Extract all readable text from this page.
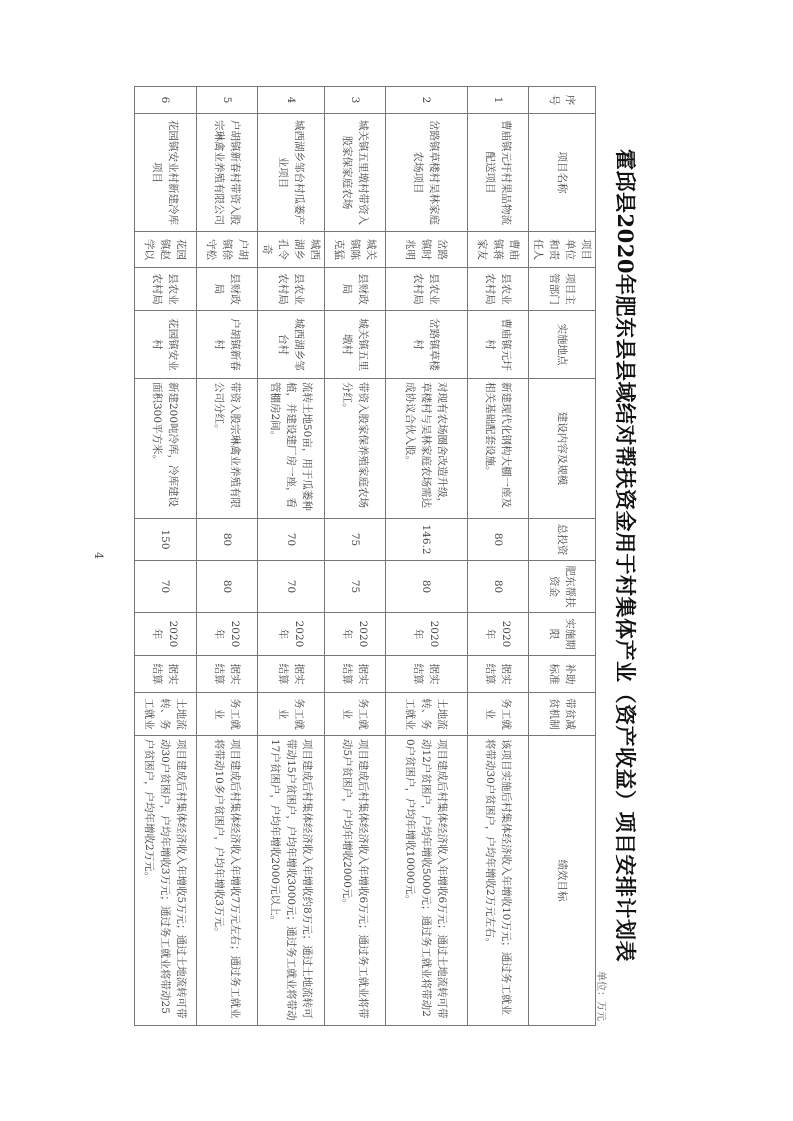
霍邱县2020年肥东县县域结对帮扶资金用于村集体产业（资产收益）项目安排计划表
单位：万元
序号	项目名称	项目单位和责任人	项目主管部门	实施地点	建设内容及规模	总投资	肥东帮扶资金	实施期限	补助标准	带贫减贫机制	绩效目标
1	曹庙镇元圩村果品物流配送项目	曹庙镇蒋家友	县农业农村局	曹庙镇元圩村	新建现代化钢构大棚一座及相关基础配套设施。	80	80	2020年	据实结算	务工就业	该项目实施后村集体经济收入年增收10万元；通过务工就业将带动30户贫困户，户均年增收2万元左右。
2	岔路镇草楼村吴林家庭农场项目	岔路镇时兆明	县农业农村局	岔路镇草楼村	对现有农场圈舍改造升级，草楼村与吴林家庭农场需达成协议合伙入股。	146.2	80	2020年	据实结算	土地流转、务工就业	项目建成后村集体经济收入年增收6万元；通过土地流转可带动12户贫困户，户均年增收5000元；通过务工就业将带动20户贫困户，户均年增收10000元。
3	城关镇五里墩村带资入股家保家庭农场	城关镇陈克猛	县财政局	城关镇五里墩村	带资入股家保养殖家庭农场分红。	75	75	2020年	据实结算	务工就业	项目建成后村集体经济收入年增收6万元；通过务工就业将带动5户贫困户，户均年增收2000元。
4	城西湖乡邹台村瓜蒌产业项目	城西湖乡孔令奇	县农业农村局	城西湖乡邹台村	流转土地50亩，用于瓜蒌种植，并建设建厂房一座，看管棚房2间。	70	70	2020年	据实结算	务工就业	项目建成后村集体经济收入年增收约8万元；通过土地流转可带动15户贫困户，户均年增收3000元；通过务工就业将带动17户贫困户，户均年增收2000元以上。
5	户胡镇新春村带资入股宗琳禽业养殖有限公司	户胡镇徐守松	县财政局	户胡镇新春村	带资入股宗琳禽业养殖有限公司分红。	80	80	2020年	据实结算	务工就业	项目建成后村集体经济收入年增收7万元左右；通过务工就业将带动10多户贫困户，户均年增收3万元。
6	花园镇安业村新建冷库项目	花园镇赵学以	县农业农村局	花园镇安业村	新建200吨冷库，冷库建设面积300平方米。	150	70	2020年	据实结算	土地流转、务工就业	项目建成后村集体经济收入年增收5万元；通过土地流转可带动30户贫困户，户均年增收3万元；通过务工就业将带动25户贫困户，户均年增收2万元。
4
